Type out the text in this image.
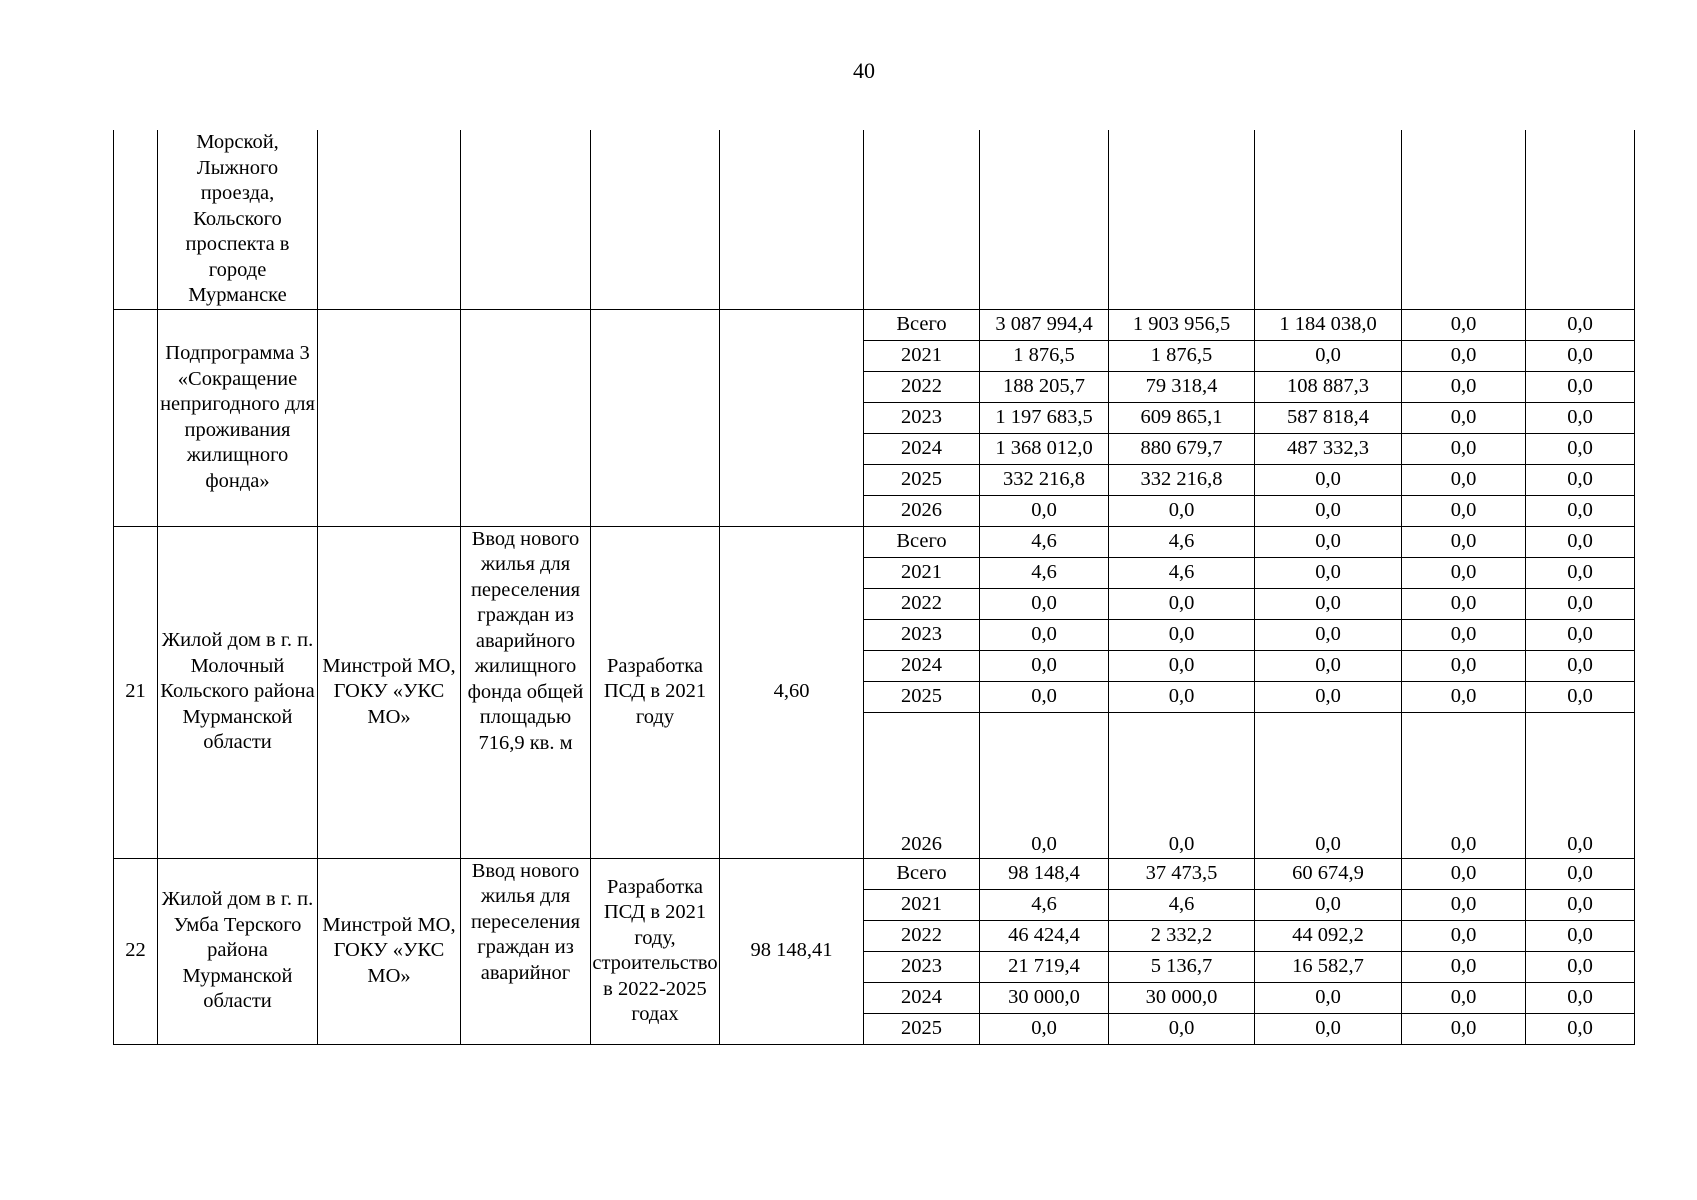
40
	Морской, Лыжного проезда, Кольского проспекта в городе Мурманске										
	Подпрограмма 3 «Сокращение непригодного для проживания жилищного фонда»					Всего	3 087 994,4	1 903 956,5	1 184 038,0	0,0	0,0
						2021	1 876,5	1 876,5	0,0	0,0	0,0
						2022	188 205,7	79 318,4	108 887,3	0,0	0,0
						2023	1 197 683,5	609 865,1	587 818,4	0,0	0,0
						2024	1 368 012,0	880 679,7	487 332,3	0,0	0,0
						2025	332 216,8	332 216,8	0,0	0,0	0,0
						2026	0,0	0,0	0,0	0,0	0,0
21	Жилой дом в г. п. Молочный Кольского района Мурманской области	Минстрой МО, ГОКУ «УКС МО»	Ввод нового жилья для переселения граждан из аварийного жилищного фонда общей площадью 716,9 кв. м	Разработка ПСД в 2021 году	4,60	Всего	4,6	4,6	0,0	0,0	0,0
						2021	4,6	4,6	0,0	0,0	0,0
						2022	0,0	0,0	0,0	0,0	0,0
						2023	0,0	0,0	0,0	0,0	0,0
						2024	0,0	0,0	0,0	0,0	0,0
						2025	0,0	0,0	0,0	0,0	0,0
						2026	0,0	0,0	0,0	0,0	0,0
22	Жилой дом в г. п. Умба Терского района Мурманской области	Минстрой МО, ГОКУ «УКС МО»	Ввод нового жилья для переселения граждан из аварийног	Разработка ПСД в 2021 году, строительство в 2022-2025 годах	98 148,41	Всего	98 148,4	37 473,5	60 674,9	0,0	0,0
						2021	4,6	4,6	0,0	0,0	0,0
						2022	46 424,4	2 332,2	44 092,2	0,0	0,0
						2023	21 719,4	5 136,7	16 582,7	0,0	0,0
						2024	30 000,0	30 000,0	0,0	0,0	0,0
						2025	0,0	0,0	0,0	0,0	0,0
